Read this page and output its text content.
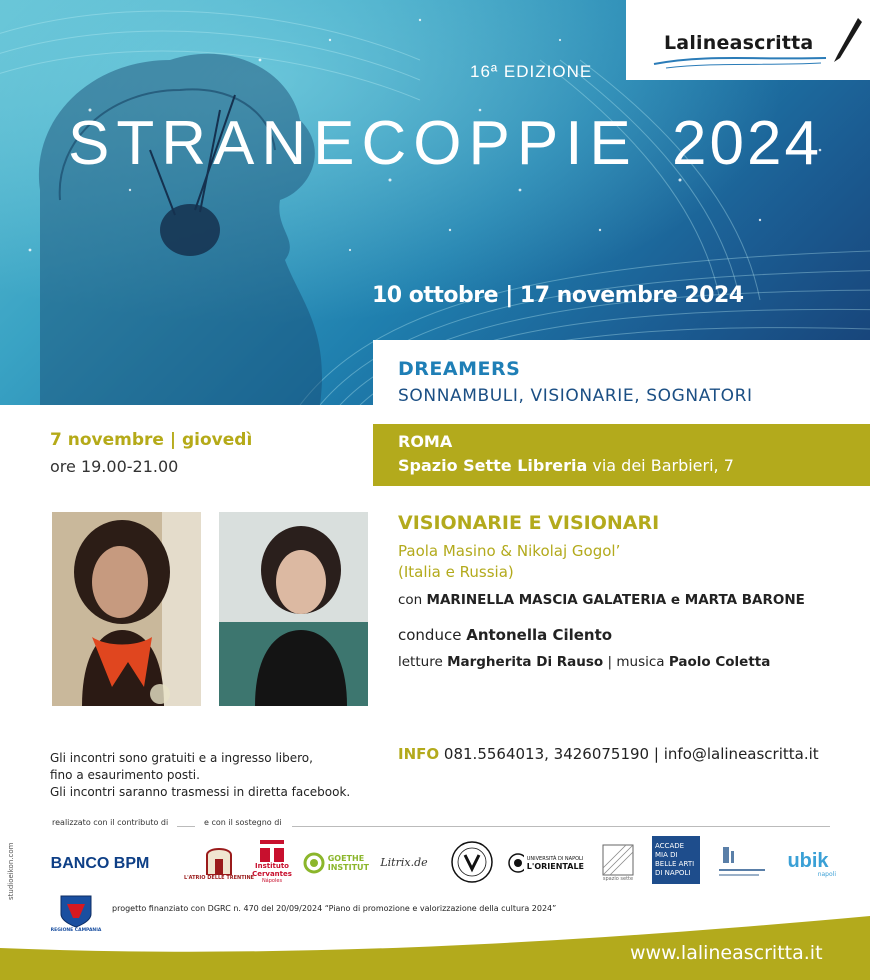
Lalineascritta
16ª EDIZIONE
STRANECOPPIE 2024
10 ottobre | 17 novembre 2024
DREAMERS
SONNAMBULI, VISIONARIE, SOGNATORI
7 novembre | giovedì
ore 19.00-21.00
ROMA
Spazio Sette Libreria via dei Barbieri, 7
VISIONARIE E VISIONARI
Paola Masino & Nikolaj Gogol’
(Italia e Russia)
con MARINELLA MASCIA GALATERIA e MARTA BARONE
conduce Antonella Cilento
letture Margherita Di Rauso | musica Paolo Coletta
Gli incontri sono gratuiti e a ingresso libero,
fino a esaurimento posti.
Gli incontri saranno trasmessi in diretta facebook.
INFO 081.5564013, 3426075190 | info@lalineascritta.it
realizzato con il contributo di	e con il sostegno di
studioeikon.com BANCO BPM
L'ATRIO DELLE TRENTINE
Instituto
Cervantes
Nápoles
GOETHE
INSTITUT Litrix.de	UNIVERSITÀ DI NAPOLI
L'ORIENTALE
spazio sette
ACCADE
MIA DI
BELLE ARTI
DI NAPOLI
ubik
napoli
REGIONE CAMPANIA
progetto finanziato con DGRC n. 470 del 20/09/2024 “Piano di promozione e valorizzazione della cultura 2024”
www.lalineascritta.it
